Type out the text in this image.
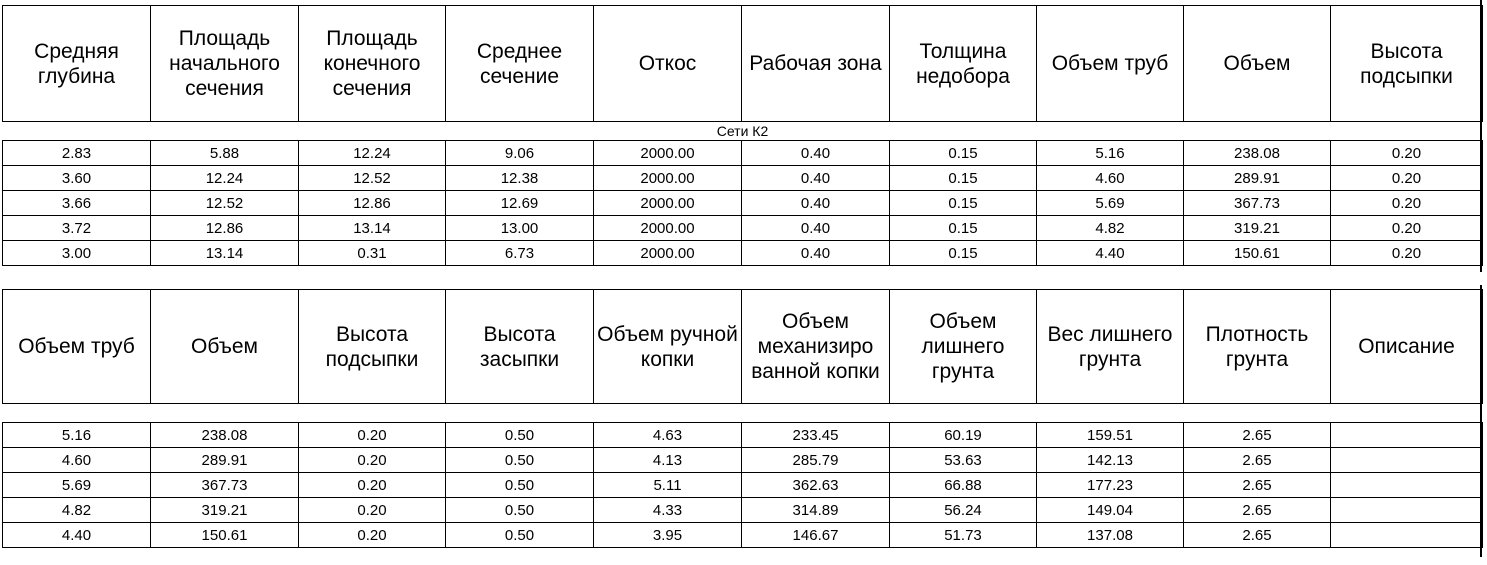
Средняя глубина	Площадь начального сечения	Площадь конечного сечения	Среднее сечение	Откос	Рабочая зона	Толщина недобора	Объем труб	Объем	Высота подсыпки
Сети К2									
2.83	5.88	12.24	9.06	2000.00	0.40	0.15	5.16	238.08	0.20
3.60	12.24	12.52	12.38	2000.00	0.40	0.15	4.60	289.91	0.20
3.66	12.52	12.86	12.69	2000.00	0.40	0.15	5.69	367.73	0.20
3.72	12.86	13.14	13.00	2000.00	0.40	0.15	4.82	319.21	0.20
3.00	13.14	0.31	6.73	2000.00	0.40	0.15	4.40	150.61	0.20
Объем труб	Объем	Высота подсыпки	Высота засыпки	Объем ручной копки	Объем механизиро ванной копки	Объем лишнего грунта	Вес лишнего грунта	Плотность грунта	Описание

5.16	238.08	0.20	0.50	4.63	233.45	60.19	159.51	2.65	
4.60	289.91	0.20	0.50	4.13	285.79	53.63	142.13	2.65	
5.69	367.73	0.20	0.50	5.11	362.63	66.88	177.23	2.65	
4.82	319.21	0.20	0.50	4.33	314.89	56.24	149.04	2.65	
4.40	150.61	0.20	0.50	3.95	146.67	51.73	137.08	2.65	
